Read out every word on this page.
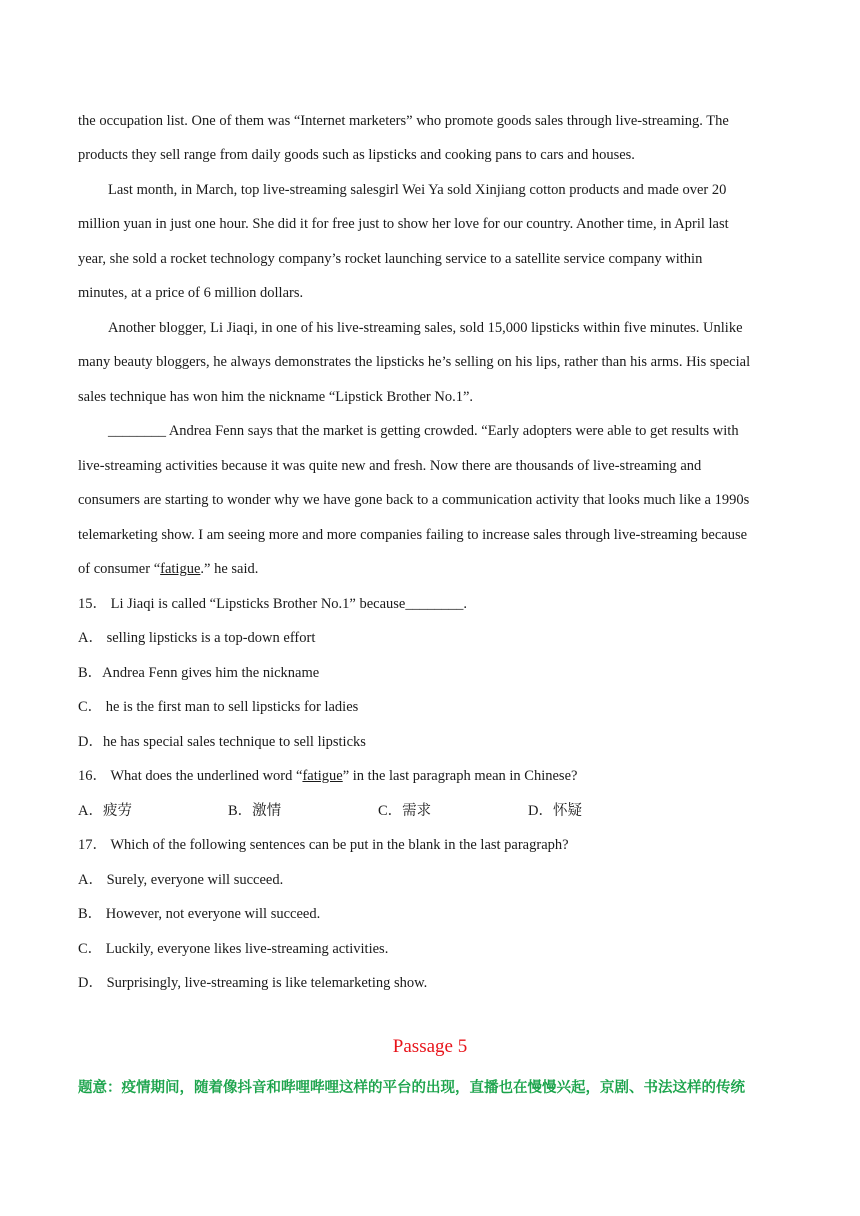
the occupation list. One of them was “Internet marketers” who promote goods sales through live-streaming. The
products they sell range from daily goods such as lipsticks and cooking pans to cars and houses.
Last month, in March, top live-streaming salesgirl Wei Ya sold Xinjiang cotton products and made over 20
million yuan in just one hour. She did it for free just to show her love for our country. Another time, in April last
year, she sold a rocket technology company’s rocket launching service to a satellite service company within
minutes, at a price of 6 million dollars.
Another blogger, Li Jiaqi, in one of his live-streaming sales, sold 15,000 lipsticks within five minutes. Unlike
many beauty bloggers, he always demonstrates the lipsticks he’s selling on his lips, rather than his arms. His special
sales technique has won him the nickname “Lipstick Brother No.1”.
________ Andrea Fenn says that the market is getting crowded. “Early adopters were able to get results with
live-streaming activities because it was quite new and fresh. Now there are thousands of live-streaming and
consumers are starting to wonder why we have gone back to a communication activity that looks much like a 1990s
telemarketing show. I am seeing more and more companies failing to increase sales through live-streaming because
of consumer “fatigue.” he said.
15． Li Jiaqi is called “Lipsticks Brother No.1” because________.
A． selling lipsticks is a top-down effort
B．Andrea Fenn gives him the nickname
C． he is the first man to sell lipsticks for ladies
D．he has special sales technique to sell lipsticks
16． What does the underlined word “fatigue” in the last paragraph mean in Chinese?
A．疲劳	B．激情	C．需求	D．怀疑
17． Which of the following sentences can be put in the blank in the last paragraph?
A． Surely, everyone will succeed.
B． However, not everyone will succeed.
C． Luckily, everyone likes live-streaming activities.
D． Surprisingly, live-streaming is like telemarketing show.
Passage 5
题意：疫情期间，随着像抖音和哔哩哔哩这样的平台的出现，直播也在慢慢兴起，京剧、书法这样的传统
